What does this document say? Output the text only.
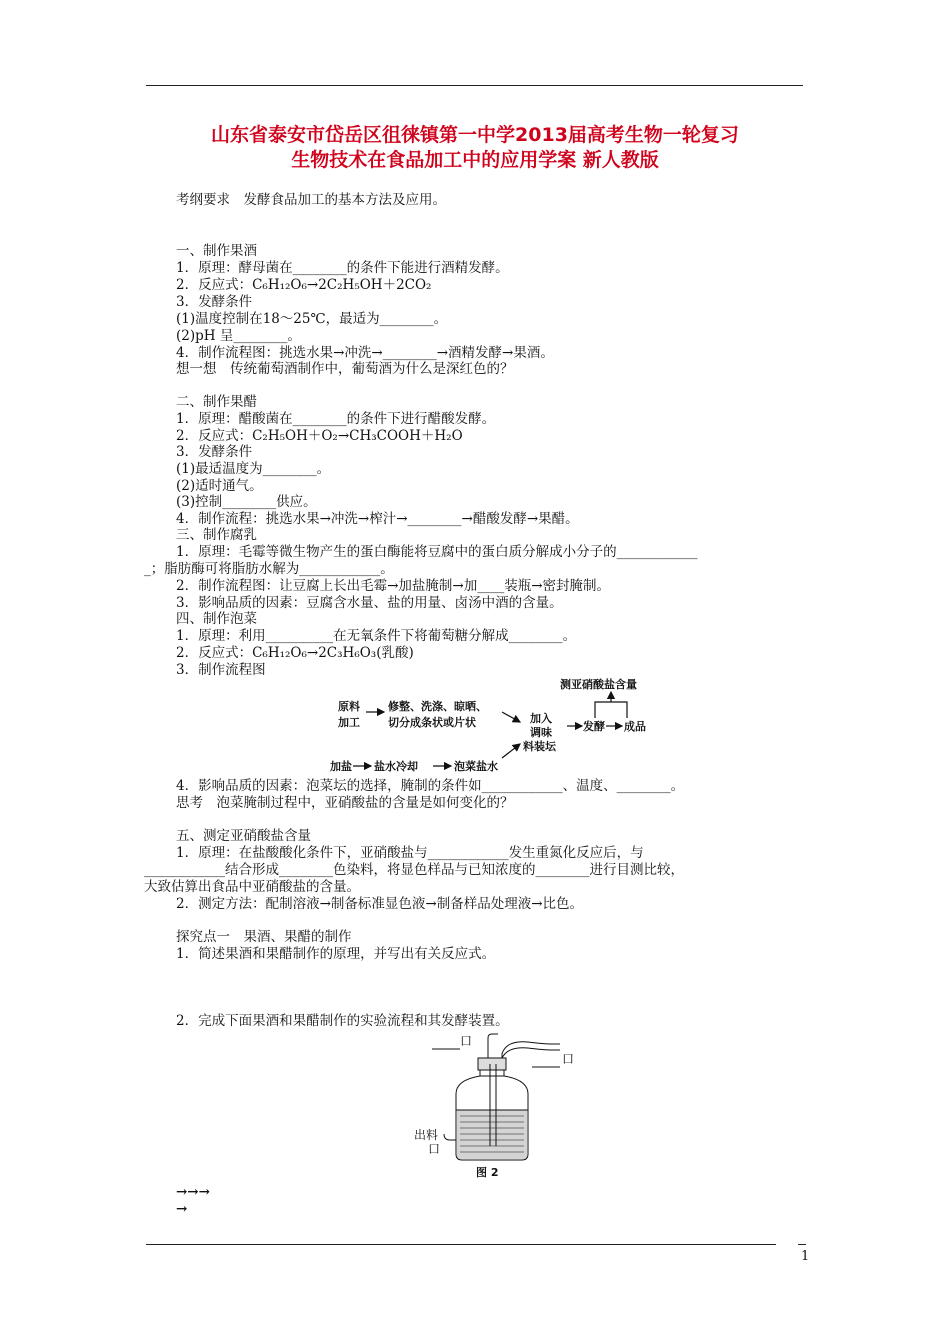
山东省泰安市岱岳区徂徕镇第一中学2013届高考生物一轮复习
生物技术在食品加工中的应用学案 新人教版
考纲要求　发酵食品加工的基本方法及应用。
一、制作果酒
1．原理：酵母菌在________的条件下能进行酒精发酵。
2．反应式：C₆H₁₂O₆→2C₂H₅OH＋2CO₂
3．发酵条件
(1)温度控制在18～25℃，最适为________。
(2)pH 呈________。
4．制作流程图：挑选水果→冲洗→________→酒精发酵→果酒。
想一想　传统葡萄酒制作中，葡萄酒为什么是深红色的？
二、制作果醋
1．原理：醋酸菌在________的条件下进行醋酸发酵。
2．反应式：C₂H₅OH＋O₂→CH₃COOH＋H₂O
3．发酵条件
(1)最适温度为________。
(2)适时通气。
(3)控制________供应。
4．制作流程：挑选水果→冲洗→榨汁→________→醋酸发酵→果醋。
三、制作腐乳
1．原理：毛霉等微生物产生的蛋白酶能将豆腐中的蛋白质分解成小分子的____________
_；脂肪酶可将脂肪水解为____________。
2．制作流程图：让豆腐上长出毛霉→加盐腌制→加____装瓶→密封腌制。
3．影响品质的因素：豆腐含水量、盐的用量、卤汤中酒的含量。
四、制作泡菜
1．原理：利用__________在无氧条件下将葡萄糖分解成________。
2．反应式：C₆H₁₂O₆→2C₃H₆O₃(乳酸)
3．制作流程图
测亚硝酸盐含量
原料
加工
修整、洗涤、晾晒、
切分成条状或片状	加入
调味
料装坛
发酵 成品
加盐 盐水冷却	泡菜盐水
4．影响品质的因素：泡菜坛的选择，腌制的条件如____________、温度、________。
思考　泡菜腌制过程中，亚硝酸盐的含量是如何变化的？
五、测定亚硝酸盐含量
1．原理：在盐酸酸化条件下，亚硝酸盐与____________发生重氮化反应后，与
____________结合形成________色染料，将显色样品与已知浓度的________进行目测比较，
大致估算出食品中亚硝酸盐的含量。
2．测定方法：配制溶液→制备标准显色液→制备样品处理液→比色。
探究点一　果酒、果醋的制作
1．简述果酒和果醋制作的原理，并写出有关反应式。
2．完成下面果酒和果醋制作的实验流程和其发酵装置。
口
口
出料
口
图 2
→→→
→
1
